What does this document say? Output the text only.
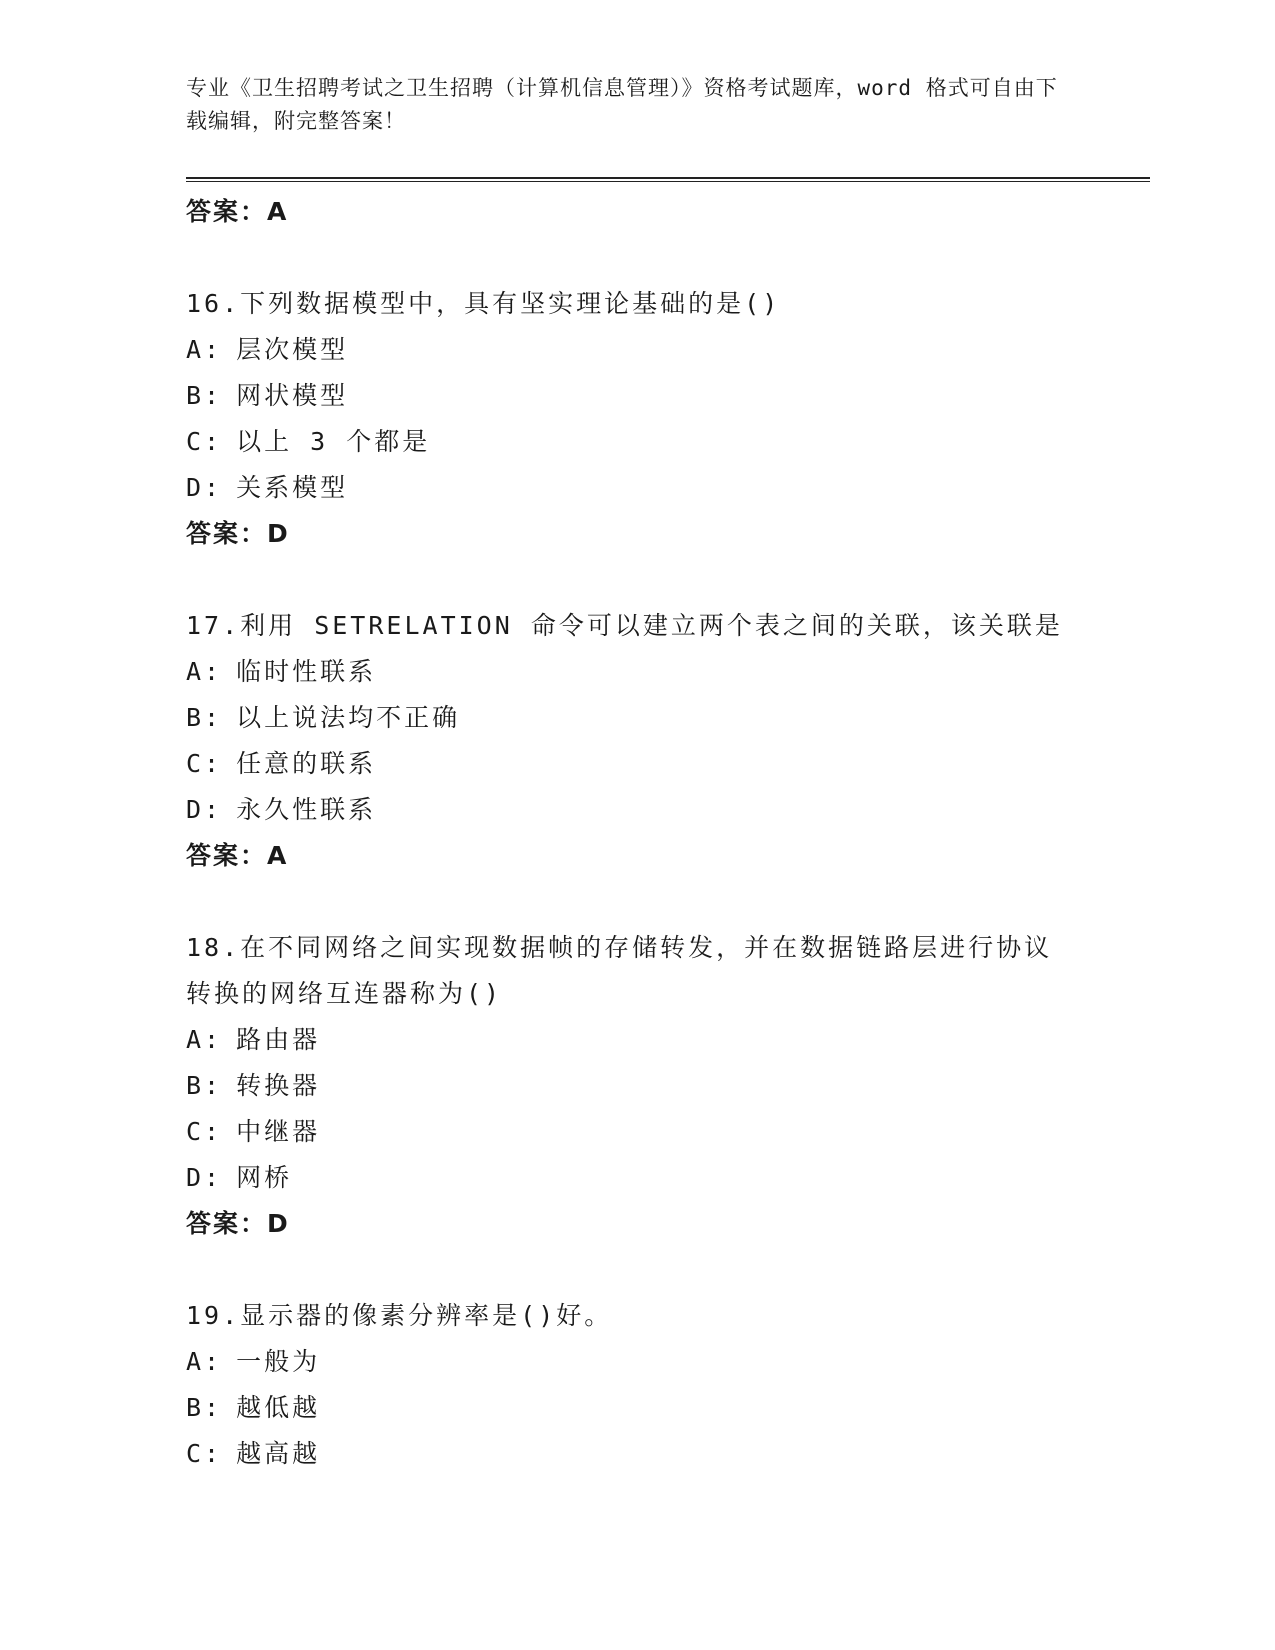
专业《卫生招聘考试之卫生招聘（计算机信息管理）》资格考试题库，word 格式可自由下载编辑，附完整答案！
答案：A
16.下列数据模型中，具有坚实理论基础的是()
A: 层次模型
B: 网状模型
C: 以上 3 个都是
D: 关系模型
答案：D
17.利用 SETRELATION 命令可以建立两个表之间的关联，该关联是
A: 临时性联系
B: 以上说法均不正确
C: 任意的联系
D: 永久性联系
答案：A
18.在不同网络之间实现数据帧的存储转发，并在数据链路层进行协议
转换的网络互连器称为()
A: 路由器
B: 转换器
C: 中继器
D: 网桥
答案：D
19.显示器的像素分辨率是()好。
A: 一般为
B: 越低越
C: 越高越
